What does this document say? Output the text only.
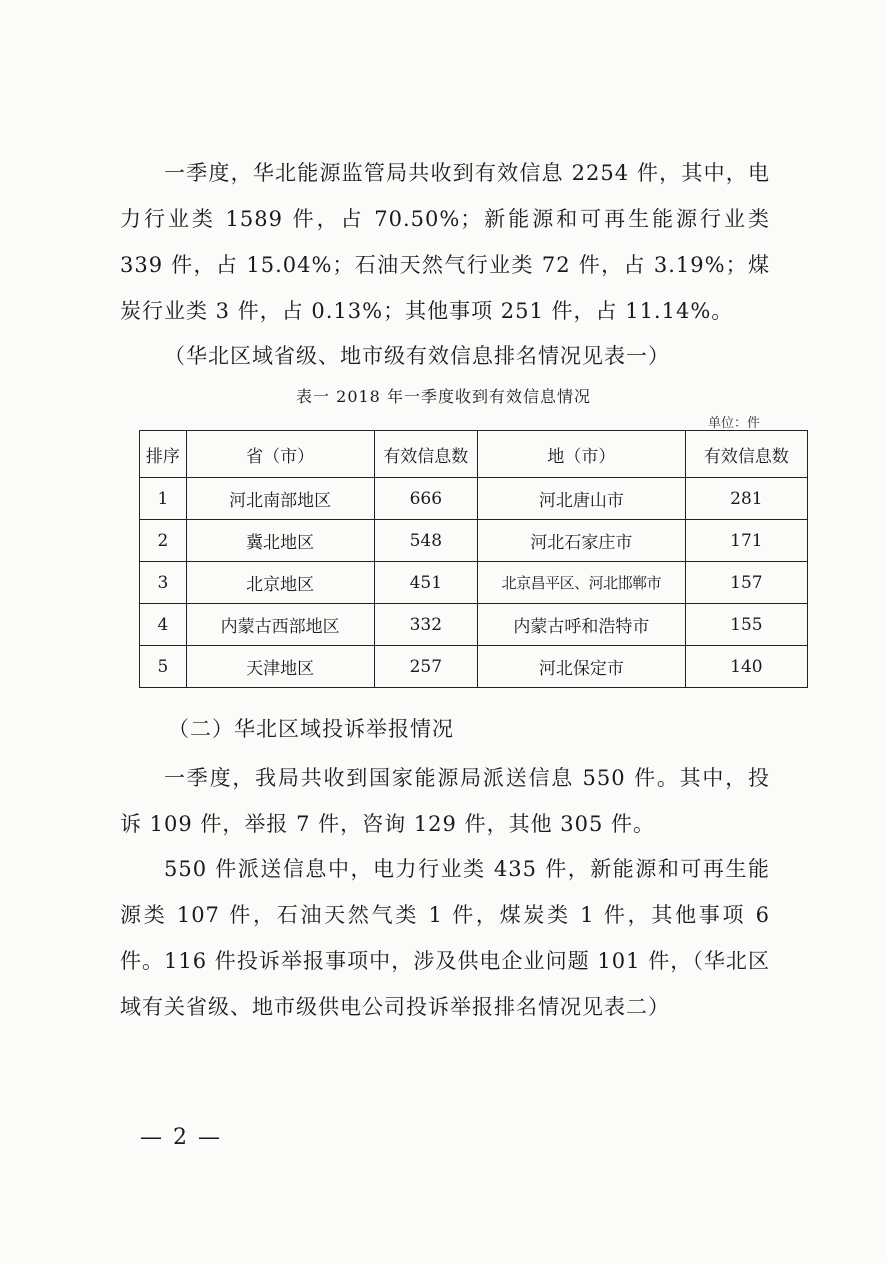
一季度，华北能源监管局共收到有效信息 2254 件，其中，电力行业类 1589 件，占 70.50%；新能源和可再生能源行业类 339 件，占 15.04%；石油天然气行业类 72 件，占 3.19%；煤炭行业类 3 件，占 0.13%；其他事项 251 件，占 11.14%。

（华北区域省级、地市级有效信息排名情况见表一）

表一 2018 年一季度收到有效信息情况
单位：件
排序	省（市）	有效信息数	地（市）	有效信息数
1	河北南部地区	666	河北唐山市	281
2	冀北地区	548	河北石家庄市	171
3	北京地区	451	北京昌平区、河北邯郸市	157
4	内蒙古西部地区	332	内蒙古呼和浩特市	155
5	天津地区	257	河北保定市	140

（二）华北区域投诉举报情况

一季度，我局共收到国家能源局派送信息 550 件。其中，投诉 109 件，举报 7 件，咨询 129 件，其他 305 件。

550 件派送信息中，电力行业类 435 件，新能源和可再生能源类 107 件，石油天然气类 1 件，煤炭类 1 件，其他事项 6 件。 116 件投诉举报事项中，涉及供电企业问题 101 件，（华北区域有关省级、地市级供电公司投诉举报排名情况见表二）

— 2 —
